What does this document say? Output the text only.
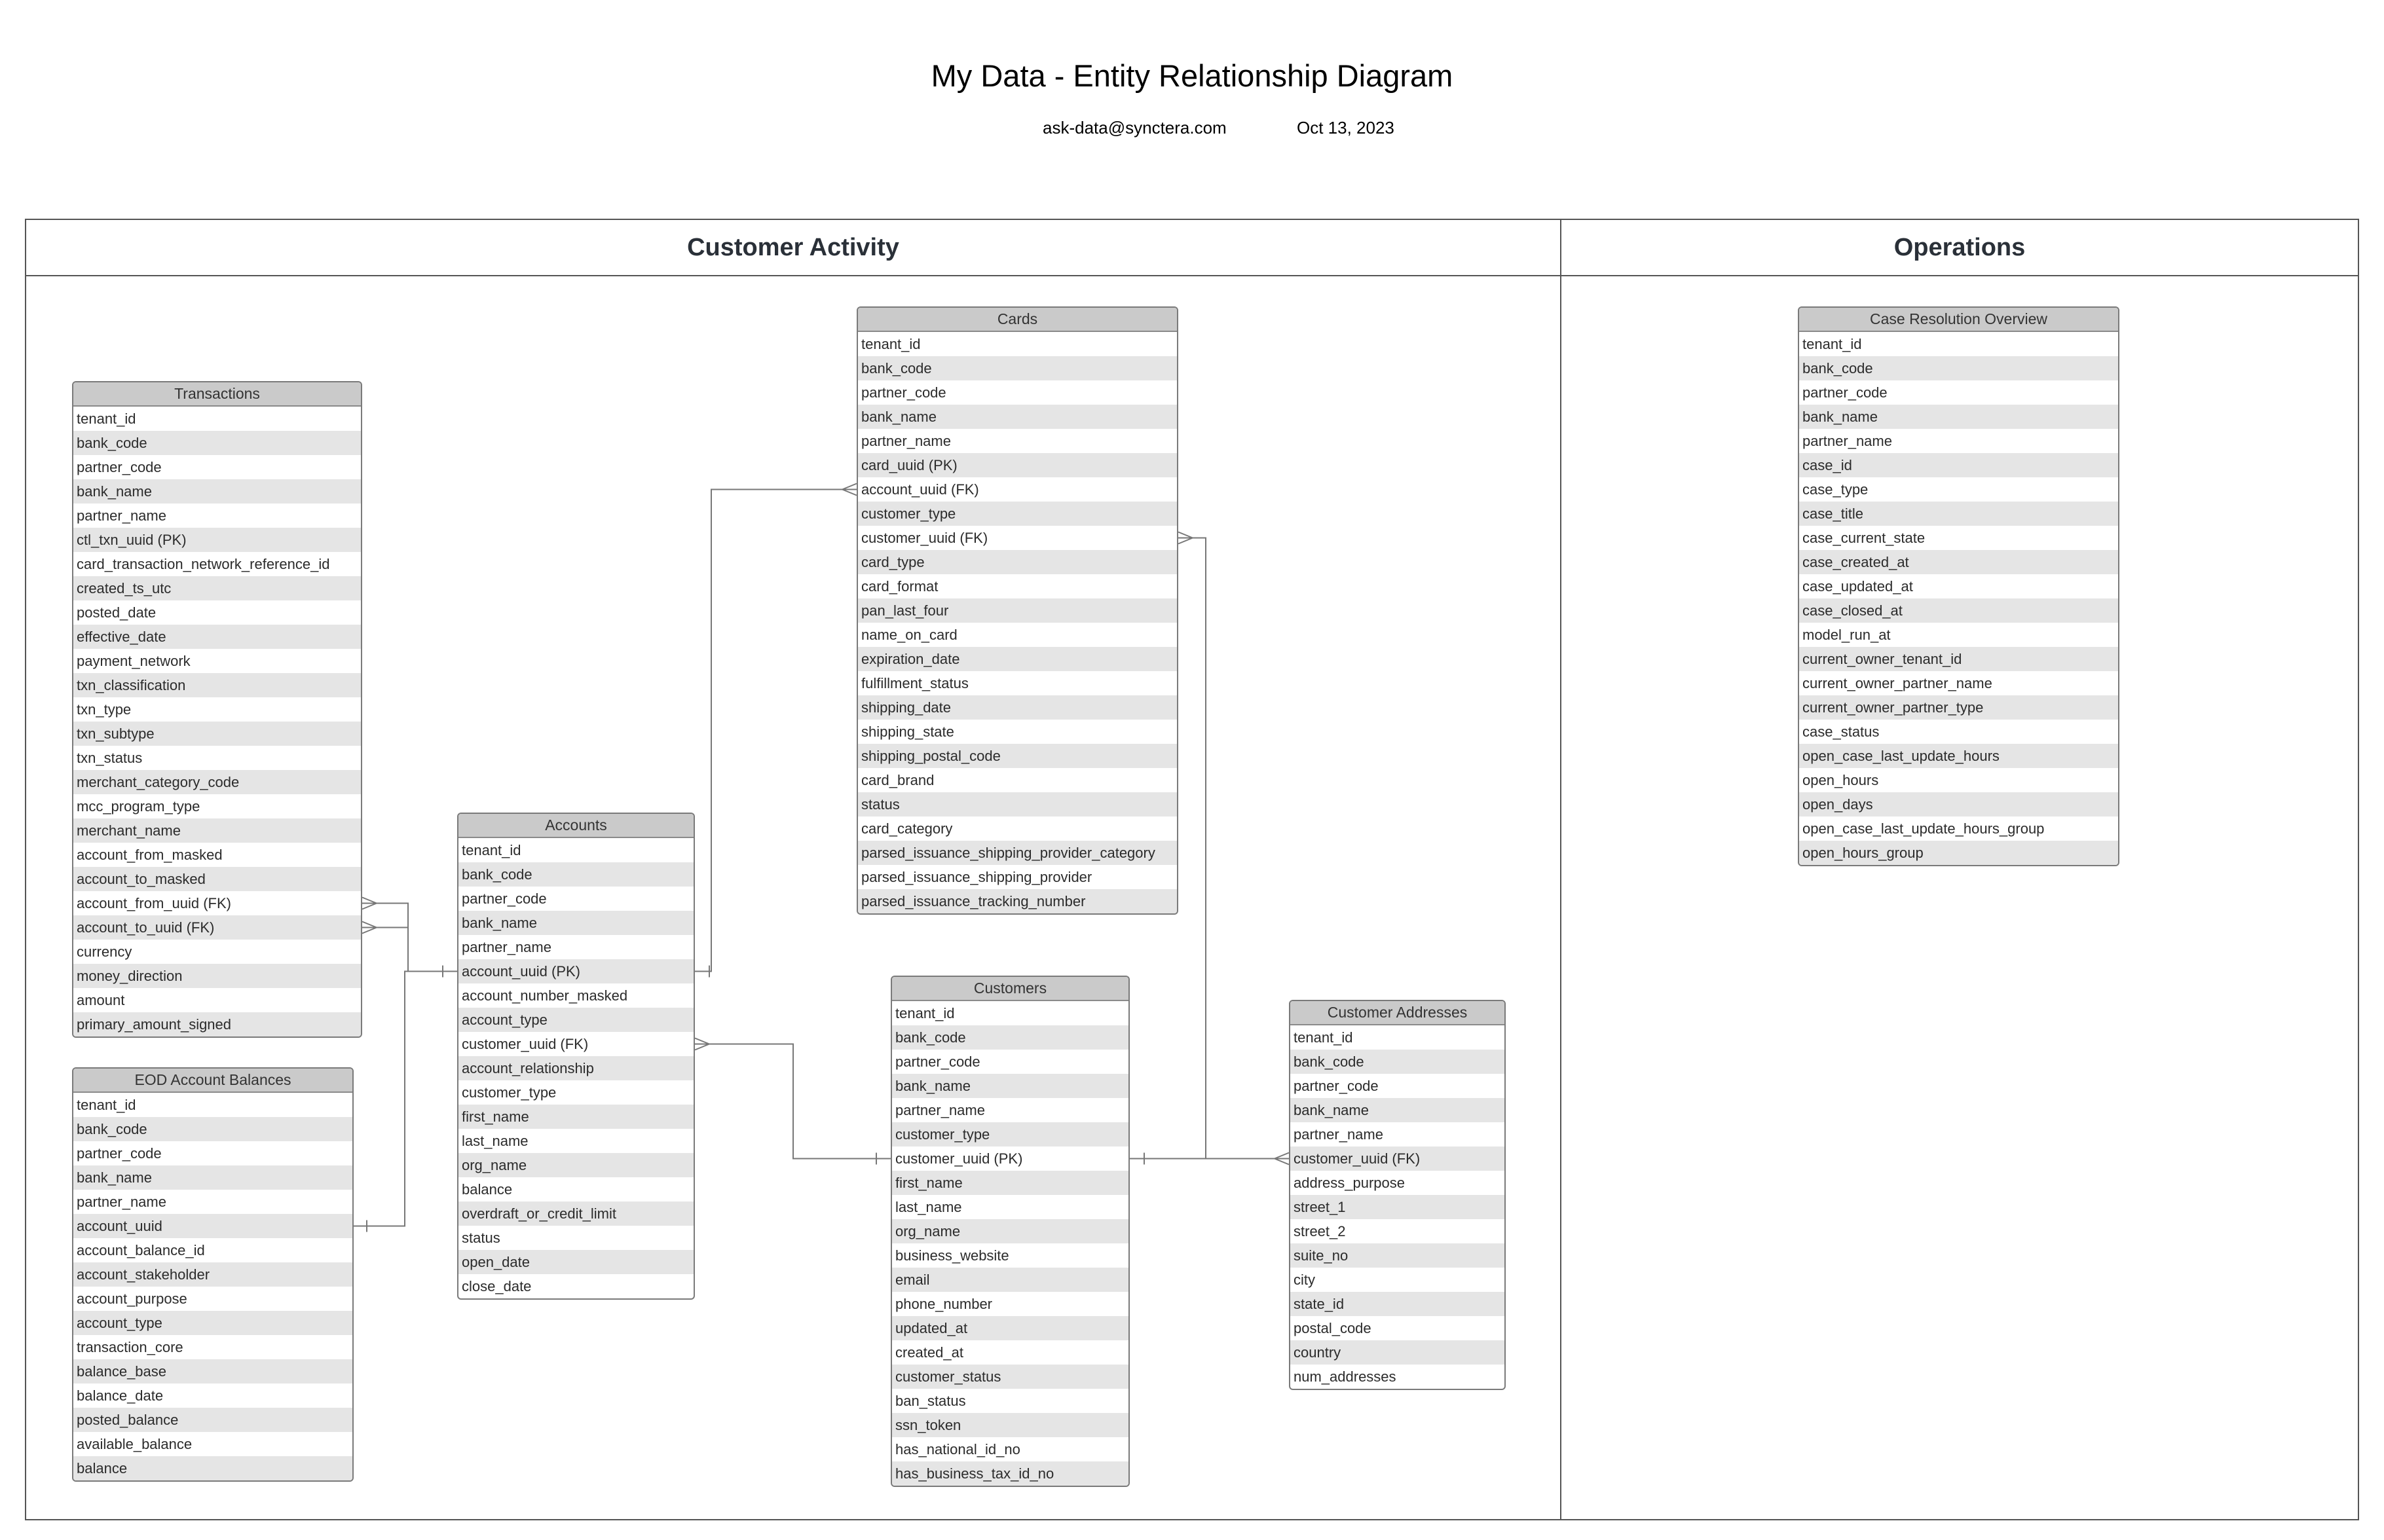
My Data - Entity Relationship Diagram
ask-data@synctera.com	Oct 13, 2023
Customer Activity	Operations
Transactions
tenant_id
bank_code
partner_code
bank_name
partner_name
ctl_txn_uuid (PK)
card_transaction_network_reference_id
created_ts_utc
posted_date
effective_date
payment_network
txn_classification
txn_type
txn_subtype
txn_status
merchant_category_code
mcc_program_type
merchant_name
account_from_masked
account_to_masked
account_from_uuid (FK)
account_to_uuid (FK)
currency
money_direction
amount
primary_amount_signed
EOD Account Balances
tenant_id
bank_code
partner_code
bank_name
partner_name
account_uuid
account_balance_id
account_stakeholder
account_purpose
account_type
transaction_core
balance_base
balance_date
posted_balance
available_balance
balance
Accounts
tenant_id
bank_code
partner_code
bank_name
partner_name
account_uuid (PK)
account_number_masked
account_type
customer_uuid (FK)
account_relationship
customer_type
first_name
last_name
org_name
balance
overdraft_or_credit_limit
status
open_date
close_date
Cards
tenant_id
bank_code
partner_code
bank_name
partner_name
card_uuid (PK)
account_uuid (FK)
customer_type
customer_uuid (FK)
card_type
card_format
pan_last_four
name_on_card
expiration_date
fulfillment_status
shipping_date
shipping_state
shipping_postal_code
card_brand
status
card_category
parsed_issuance_shipping_provider_category
parsed_issuance_shipping_provider
parsed_issuance_tracking_number
Customers
tenant_id
bank_code
partner_code
bank_name
partner_name
customer_type
customer_uuid (PK)
first_name
last_name
org_name
business_website
email
phone_number
updated_at
created_at
customer_status
ban_status
ssn_token
has_national_id_no
has_business_tax_id_no
Customer Addresses
tenant_id
bank_code
partner_code
bank_name
partner_name
customer_uuid (FK)
address_purpose
street_1
street_2
suite_no
city
state_id
postal_code
country
num_addresses
Case Resolution Overview
tenant_id
bank_code
partner_code
bank_name
partner_name
case_id
case_type
case_title
case_current_state
case_created_at
case_updated_at
case_closed_at
model_run_at
current_owner_tenant_id
current_owner_partner_name
current_owner_partner_type
case_status
open_case_last_update_hours
open_hours
open_days
open_case_last_update_hours_group
open_hours_group
